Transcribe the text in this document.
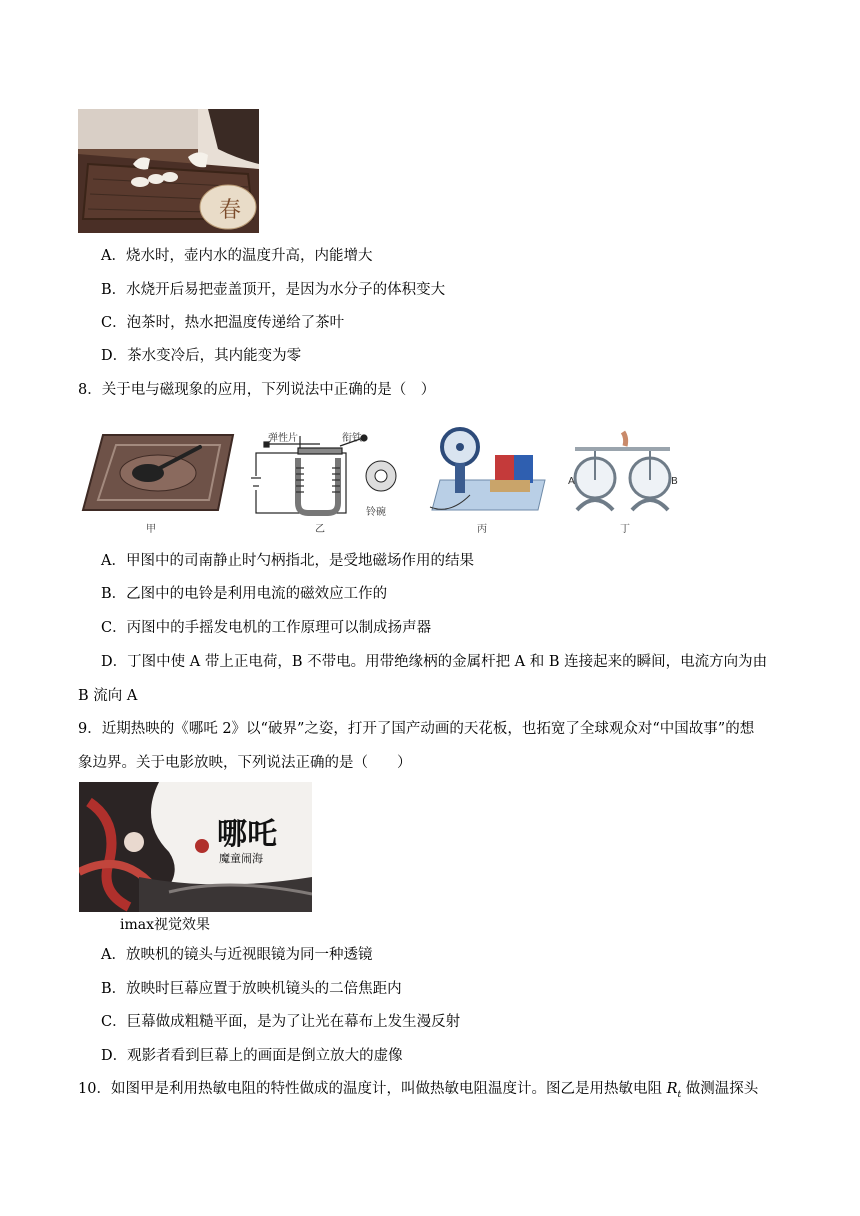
春
A．烧水时，壶内水的温度升高，内能增大
B．水烧开后易把壶盖顶开，是因为水分子的体积变大
C．泡茶时，热水把温度传递给了茶叶
D．茶水变冷后，其内能变为零
8．关于电与磁现象的应用，下列说法中正确的是（　）
甲
弹性片	衔铁
铃碗
乙	丙
A	B
丁
A．甲图中的司南静止时勺柄指北，是受地磁场作用的结果
B．乙图中的电铃是利用电流的磁效应工作的
C．丙图中的手摇发电机的工作原理可以制成扬声器
D．丁图中使 A 带上正电荷，B 不带电。用带绝缘柄的金属杆把 A 和 B 连接起来的瞬间，电流方向为由
B 流向 A
9．近期热映的《哪吒 2》以“破界”之姿，打开了国产动画的天花板，也拓宽了全球观众对“中国故事”的想
象边界。关于电影放映，下列说法正确的是（　　）
哪吒
魔童闹海
imax视觉效果
A．放映机的镜头与近视眼镜为同一种透镜
B．放映时巨幕应置于放映机镜头的二倍焦距内
C．巨幕做成粗糙平面，是为了让光在幕布上发生漫反射
D．观影者看到巨幕上的画面是倒立放大的虚像
10．如图甲是利用热敏电阻的特性做成的温度计，叫做热敏电阻温度计。图乙是用热敏电阻 $R_t$ 做测温探头
